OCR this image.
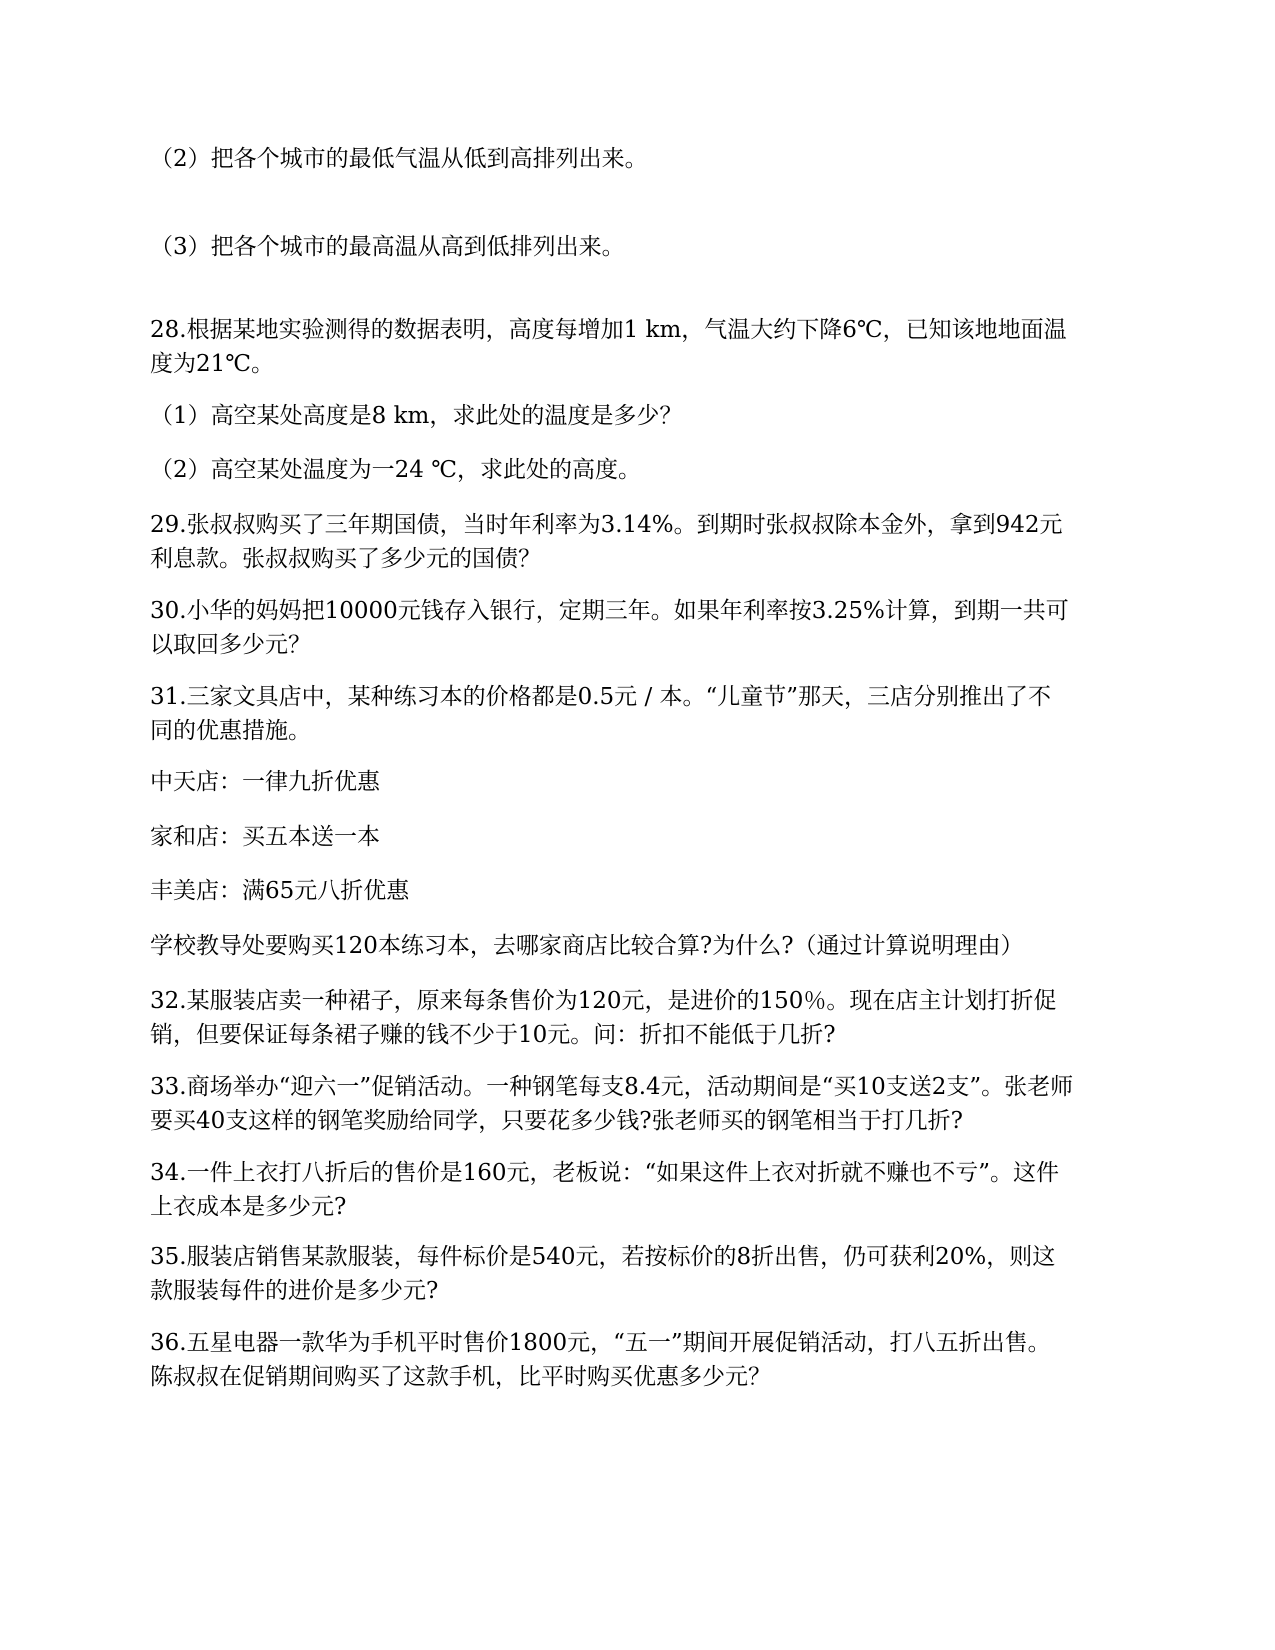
（2）把各个城市的最低气温从低到高排列出来。

（3）把各个城市的最高温从高到低排列出来。

28.根据某地实验测得的数据表明，高度每增加1 km，气温大约下降6℃，已知该地地面温
度为21℃。

（1）高空某处高度是8 km，求此处的温度是多少？

（2）高空某处温度为一24 ℃，求此处的高度。

29.张叔叔购买了三年期国债，当时年利率为3.14%。到期时张叔叔除本金外，拿到942元
利息款。张叔叔购买了多少元的国债？
30.小华的妈妈把10000元钱存入银行，定期三年。如果年利率按3.25%计算，到期一共可
以取回多少元？
31.三家文具店中，某种练习本的价格都是0.5元 / 本。“儿童节”那天，三店分别推出了不
同的优惠措施。

中天店：一律九折优惠

家和店：买五本送一本

丰美店：满65元八折优惠

学校教导处要购买120本练习本，去哪家商店比较合算?为什么?（通过计算说明理由）

32.某服装店卖一种裙子，原来每条售价为120元，是进价的150％。现在店主计划打折促
销，但要保证每条裙子赚的钱不少于10元。问：折扣不能低于几折?
33.商场举办“迎六一”促销活动。一种钢笔每支8.4元，活动期间是“买10支送2支”。张老师
要买40支这样的钢笔奖励给同学，只要花多少钱?张老师买的钢笔相当于打几折?
34.一件上衣打八折后的售价是160元，老板说：“如果这件上衣对折就不赚也不亏”。这件
上衣成本是多少元?
35.服装店销售某款服装，每件标价是540元，若按标价的8折出售，仍可获利20%，则这
款服装每件的进价是多少元?
36.五星电器一款华为手机平时售价1800元，“五一”期间开展促销活动，打八五折出售。
陈叔叔在促销期间购买了这款手机，比平时购买优惠多少元？
